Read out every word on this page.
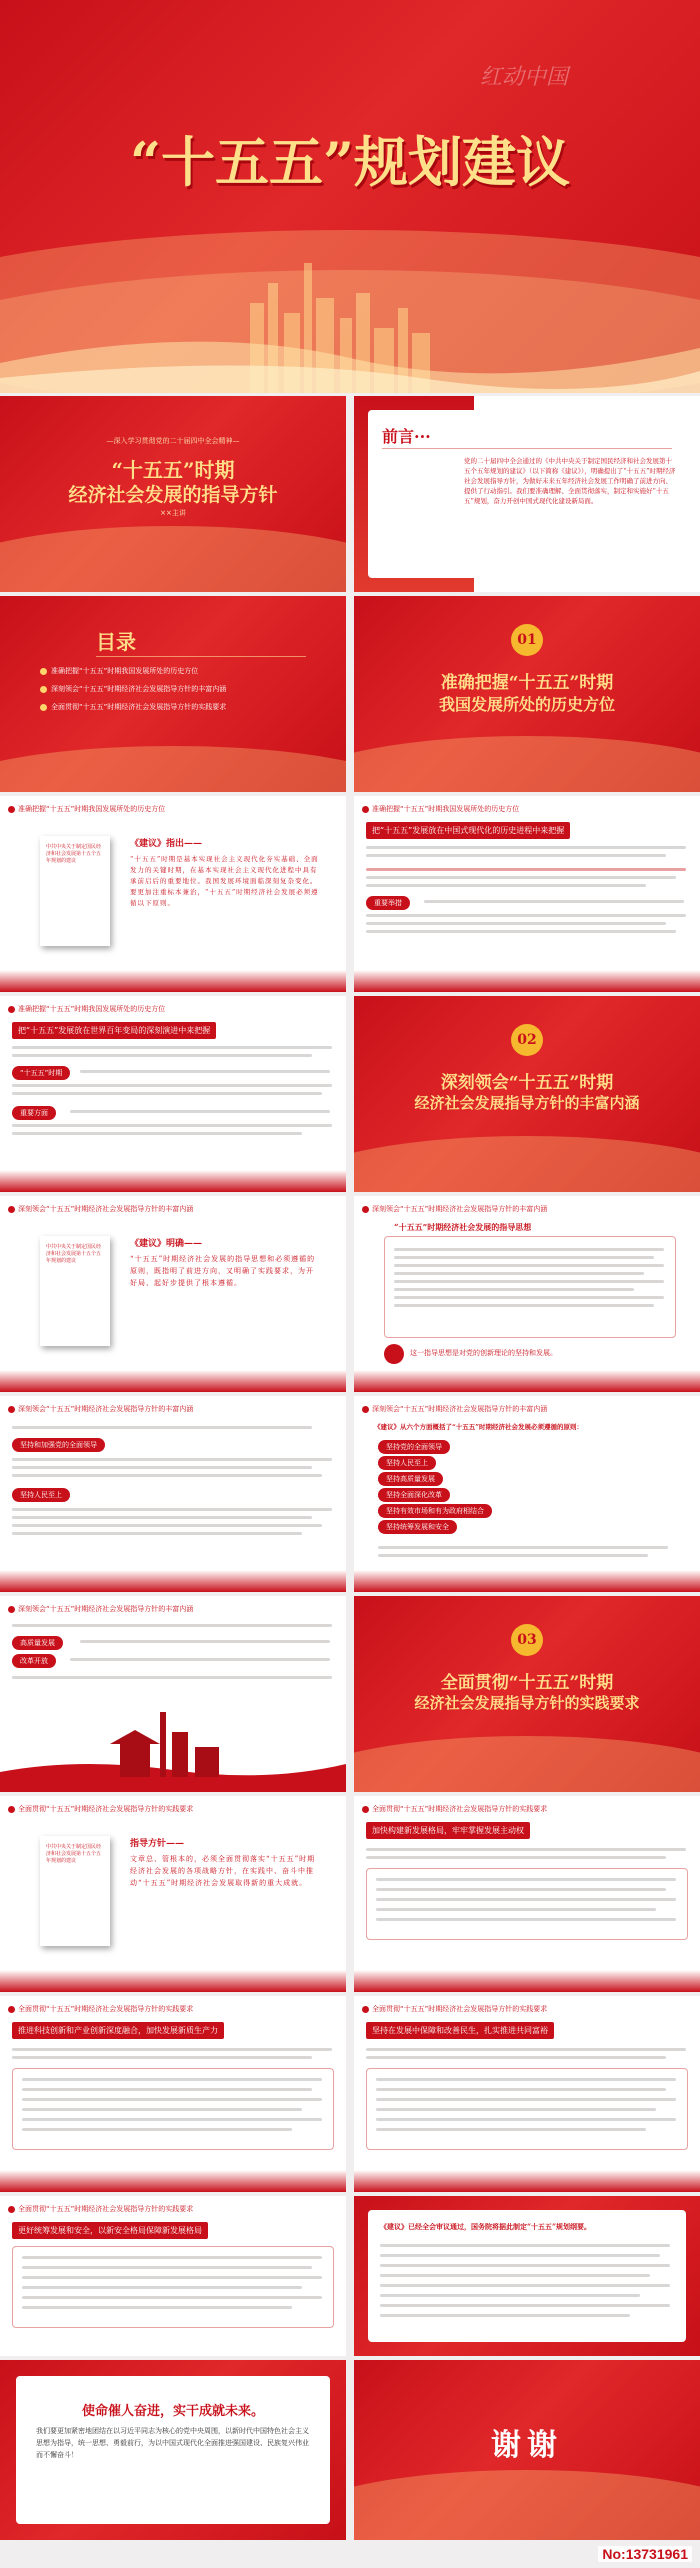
“十五五”规划建议
红动中国
—深入学习贯彻党的二十届四中全会精神—
“十五五”时期
经济社会发展的指导方针
××主讲
前言···
党的二十届四中全会通过的《中共中央关于制定国民经济和社会发展第十五个五年规划的建议》（以下简称《建议》），明确提出了“十五五”时期经济社会发展指导方针，为做好未来五年经济社会发展工作明确了前进方向、提供了行动指引。我们要准确理解、全面贯彻落实，制定和实施好“十五五”规划，奋力开创中国式现代化建设新局面。
目录
准确把握“十五五”时期我国发展所处的历史方位
深刻领会“十五五”时期经济社会发展指导方针的丰富内涵
全面贯彻“十五五”时期经济社会发展指导方针的实践要求
01
准确把握“十五五”时期
我国发展所处的历史方位
准确把握“十五五”时期我国发展所处的历史方位
中共中央关于制定国民经济和社会发展第十五个五年规划的建议
《建议》指出——
“十五五”时期是基本实现社会主义现代化夯实基础、全面发力的关键时期，在基本实现社会主义现代化进程中具有承前启后的重要地位。我国发展环境面临深刻复杂变化。要更加注重标本兼治，“十五五”时期经济社会发展必须遵循以下原则。
准确把握“十五五”时期我国发展所处的历史方位
把“十五五”发展放在中国式现代化的历史进程中来把握
重要举措
准确把握“十五五”时期我国发展所处的历史方位
把“十五五”发展放在世界百年变局的深刻演进中来把握
“十五五”时期
重要方面
02
深刻领会“十五五”时期
经济社会发展指导方针的丰富内涵
深刻领会“十五五”时期经济社会发展指导方针的丰富内涵
中共中央关于制定国民经济和社会发展第十五个五年规划的建议
《建议》明确——
“十五五”时期经济社会发展的指导思想和必须遵循的原则，既指明了前进方向，又明确了实践要求，为开好局、起好步提供了根本遵循。
深刻领会“十五五”时期经济社会发展指导方针的丰富内涵
“十五五”时期经济社会发展的指导思想
这一指导思想是对党的创新理论的坚持和发展。
深刻领会“十五五”时期经济社会发展指导方针的丰富内涵
坚持和加强党的全面领导
坚持人民至上
深刻领会“十五五”时期经济社会发展指导方针的丰富内涵
《建议》从六个方面概括了“十五五”时期经济社会发展必须遵循的原则：
坚持党的全面领导
坚持人民至上
坚持高质量发展
坚持全面深化改革
坚持有效市场和有为政府相结合
坚持统筹发展和安全
深刻领会“十五五”时期经济社会发展指导方针的丰富内涵
高质量发展
改革开放
03
全面贯彻“十五五”时期
经济社会发展指导方针的实践要求
全面贯彻“十五五”时期经济社会发展指导方针的实践要求
中共中央关于制定国民经济和社会发展第十五个五年规划的建议
指导方针——
文章总、管根本的，必须全面贯彻落实“十五五”时期经济社会发展的各项战略方针，在实践中、奋斗中推动“十五五”时期经济社会发展取得新的重大成就。
全面贯彻“十五五”时期经济社会发展指导方针的实践要求
加快构建新发展格局，牢牢掌握发展主动权
全面贯彻“十五五”时期经济社会发展指导方针的实践要求
推进科技创新和产业创新深度融合，加快发展新质生产力
全面贯彻“十五五”时期经济社会发展指导方针的实践要求
坚持在发展中保障和改善民生，扎实推进共同富裕
全面贯彻“十五五”时期经济社会发展指导方针的实践要求
更好统筹发展和安全，以新安全格局保障新发展格局	《建议》已经全会审议通过，国务院将据此制定“十五五”规划纲要。
使命催人奋进，实干成就未来。
我们要更加紧密地团结在以习近平同志为核心的党中央周围，以新时代中国特色社会主义思想为指导，统一思想、勇毅前行，为以中国式现代化全面推进强国建设、民族复兴伟业而不懈奋斗！	谢谢
No:13731961
